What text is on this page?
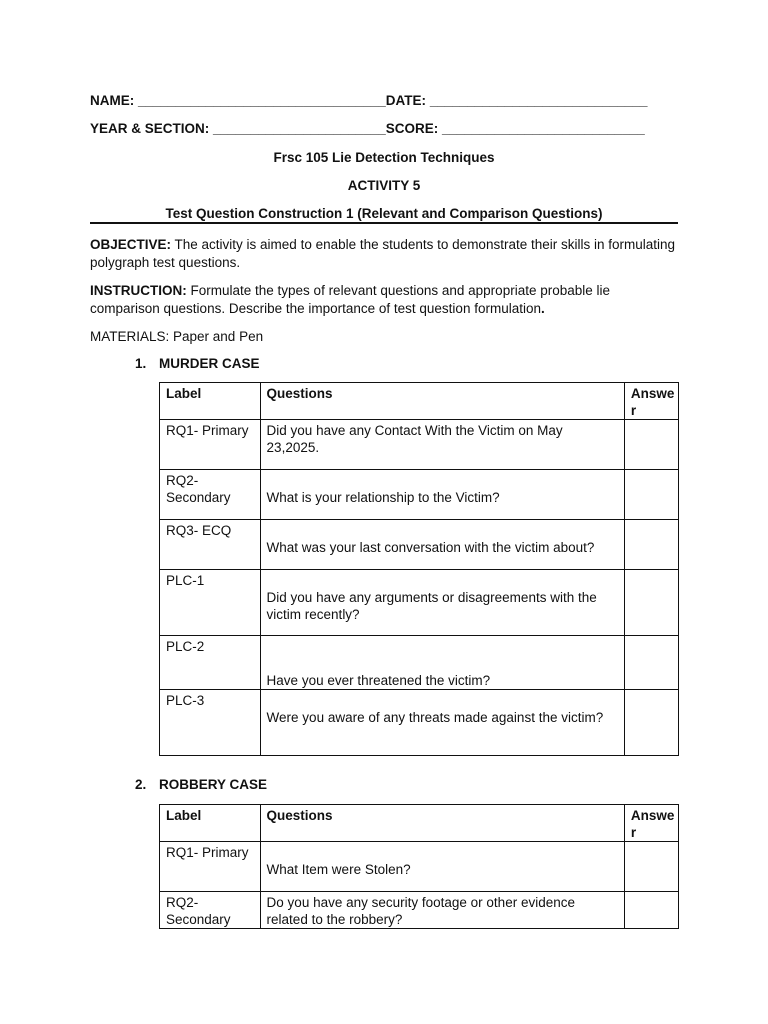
NAME: _________________________________DATE: _____________________________
YEAR & SECTION: _______________________SCORE: ___________________________
Frsc 105 Lie Detection Techniques
ACTIVITY 5
Test Question Construction 1 (Relevant and Comparison Questions)
OBJECTIVE: The activity is aimed to enable the students to demonstrate their skills in formulating polygraph test questions.
INSTRUCTION: Formulate the types of relevant questions and appropriate probable lie comparison questions. Describe the importance of test question formulation.
MATERIALS: Paper and Pen
1. MURDER CASE
Label	Questions	Answe r
RQ1- Primary	Did you have any Contact With the Victim on May 23,2025.	
RQ2- Secondary	What is your relationship to the Victim?	
RQ3- ECQ	What was your last conversation with the victim about?	
PLC-1	Did you have any arguments or disagreements with the victim recently?	
PLC-2	Have you ever threatened the victim?	
PLC-3	Were you aware of any threats made against the victim?	
2. ROBBERY CASE
Label	Questions	Answe r
RQ1- Primary	What Item were Stolen?	
RQ2- Secondary	Do you have any security footage or other evidence related to the robbery?	
